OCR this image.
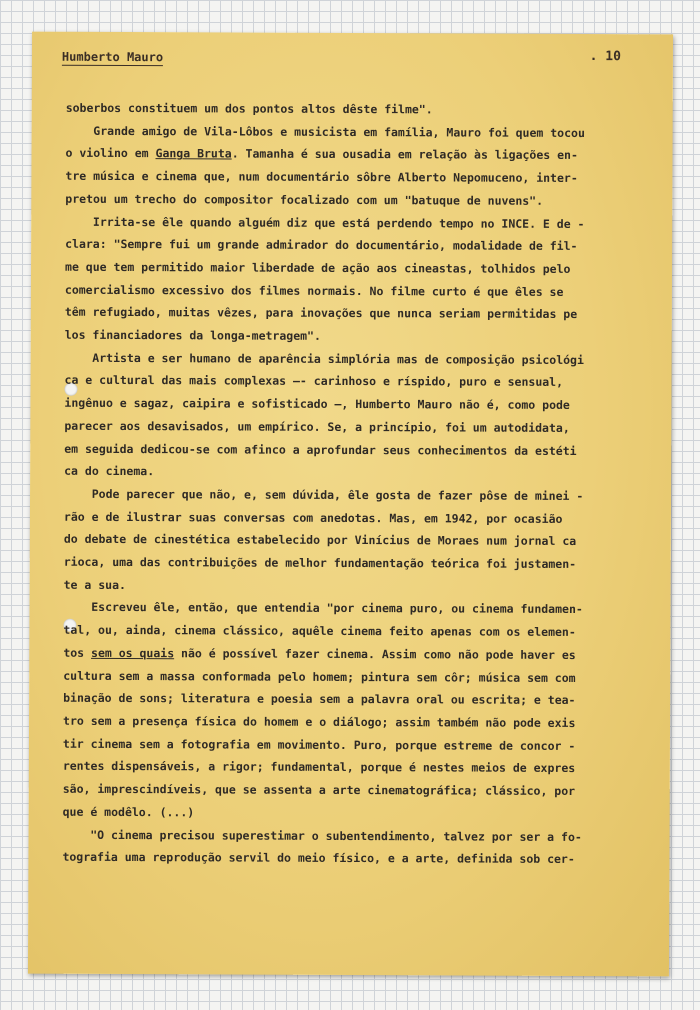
Humberto Mauro	. 10

soberbos constituem um dos pontos altos dêste filme".
Grande amigo de Vila-Lôbos e musicista em família, Mauro foi quem tocou
o violino em Ganga Bruta. Tamanha é sua ousadia em relação às ligações en-
tre música e cinema que, num documentário sôbre Alberto Nepomuceno, inter-
pretou um trecho do compositor focalizado com um "batuque de nuvens".
Irrita-se êle quando alguém diz que está perdendo tempo no INCE. E de -
clara: "Sempre fui um grande admirador do documentário, modalidade de fil-
me que tem permitido maior liberdade de ação aos cineastas, tolhidos pelo
comercialismo excessivo dos filmes normais. No filme curto é que êles se
têm refugiado, muitas vêzes, para inovações que nunca seriam permitidas pe
los financiadores da longa-metragem".
Artista e ser humano de aparência simplória mas de composição psicológi
ca e cultural das mais complexas —- carinhoso e ríspido, puro e sensual,
ingênuo e sagaz, caipira e sofisticado —, Humberto Mauro não é, como pode
parecer aos desavisados, um empírico. Se, a princípio, foi um autodidata,
em seguida dedicou-se com afinco a aprofundar seus conhecimentos da estéti
ca do cinema.
Pode parecer que não, e, sem dúvida, êle gosta de fazer pôse de minei -
rão e de ilustrar suas conversas com anedotas. Mas, em 1942, por ocasião
do debate de cinestética estabelecido por Vinícius de Moraes num jornal ca
rioca, uma das contribuições de melhor fundamentação teórica foi justamen-
te a sua.
Escreveu êle, então, que entendia "por cinema puro, ou cinema fundamen-
tal, ou, ainda, cinema clássico, aquêle cinema feito apenas com os elemen-
tos sem os quais não é possível fazer cinema. Assim como não pode haver es
cultura sem a massa conformada pelo homem; pintura sem côr; música sem com
binação de sons; literatura e poesia sem a palavra oral ou escrita; e tea-
tro sem a presença física do homem e o diálogo; assim também não pode exis
tir cinema sem a fotografia em movimento. Puro, porque estreme de concor -
rentes dispensáveis, a rigor; fundamental, porque é nestes meios de expres
são, imprescindíveis, que se assenta a arte cinematográfica; clássico, por
que é modêlo. (...)
"O cinema precisou superestimar o subentendimento, talvez por ser a fo-
tografia uma reprodução servil do meio físico, e a arte, definida sob cer-
